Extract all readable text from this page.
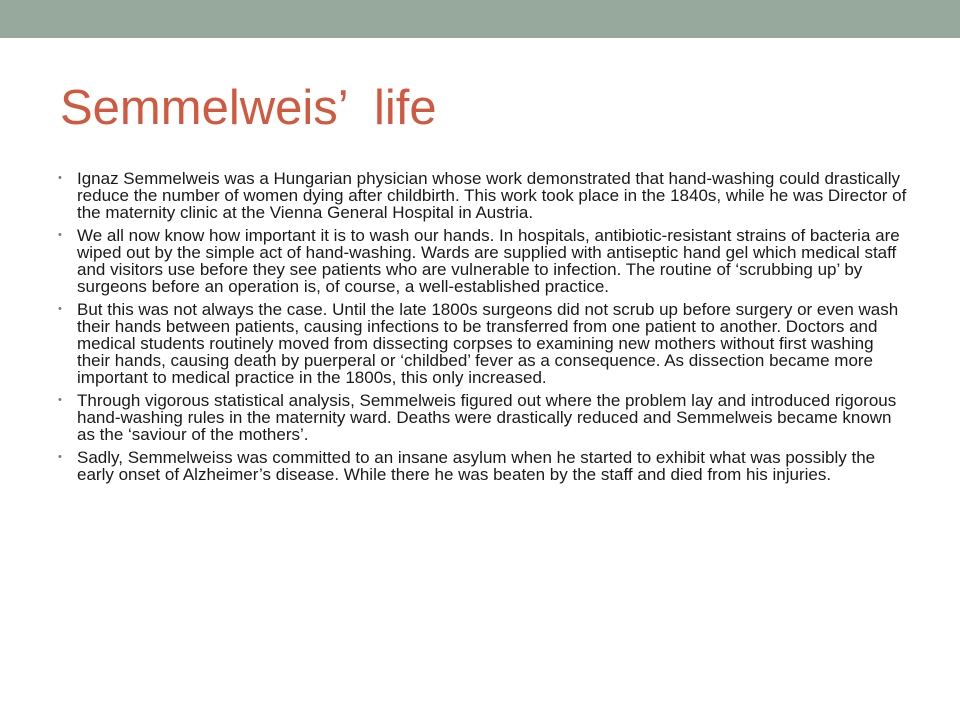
Semmelweis’  life
• Ignaz Semmelweis was a Hungarian physician whose work demonstrated that hand-washing could drastically reduce the number of women dying after childbirth. This work took place in the 1840s, while he was Director of the maternity clinic at the Vienna General Hospital in Austria.
• We all now know how important it is to wash our hands. In hospitals, antibiotic-resistant strains of bacteria are wiped out by the simple act of hand-washing. Wards are supplied with antiseptic hand gel which medical staff and visitors use before they see patients who are vulnerable to infection. The routine of ‘scrubbing up’ by surgeons before an operation is, of course, a well-established practice.
• But this was not always the case. Until the late 1800s surgeons did not scrub up before surgery or even wash their hands between patients, causing infections to be transferred from one patient to another. Doctors and medical students routinely moved from dissecting corpses to examining new mothers without first washing their hands, causing death by puerperal or ‘childbed’ fever as a consequence. As dissection became more important to medical practice in the 1800s, this only increased.
• Through vigorous statistical analysis, Semmelweis figured out where the problem lay and introduced rigorous hand-washing rules in the maternity ward. Deaths were drastically reduced and Semmelweis became known as the ‘saviour of the mothers’.
• Sadly, Semmelweiss was committed to an insane asylum when he started to exhibit what was possibly the early onset of Alzheimer’s disease. While there he was beaten by the staff and died from his injuries.
